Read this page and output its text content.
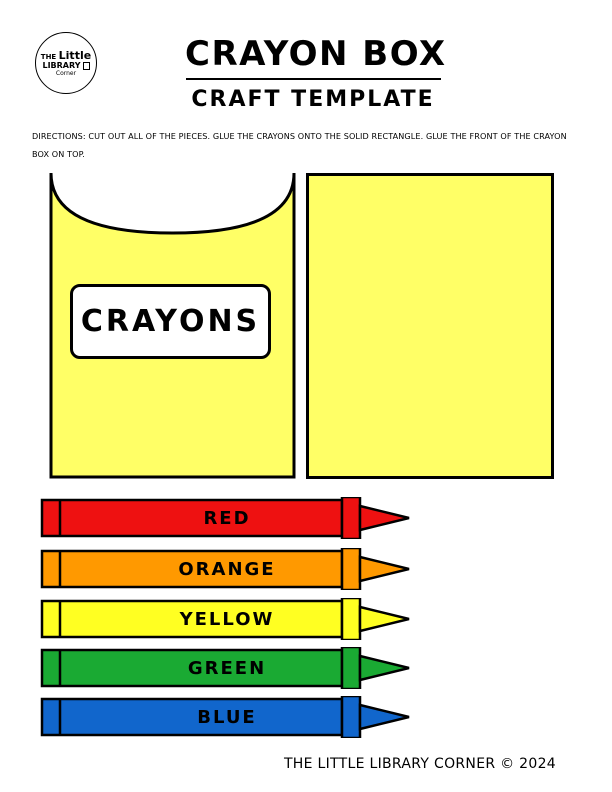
THE Little
LIBRARY
Corner	CRAYON BOX
CRAFT TEMPLATE
DIRECTIONS: CUT OUT ALL OF THE PIECES. GLUE THE CRAYONS ONTO THE SOLID RECTANGLE. GLUE THE FRONT OF THE CRAYON BOX ON TOP.
CRAYONS
RED
ORANGE
YELLOW
GREEN
BLUE
THE LITTLE LIBRARY CORNER © 2024
